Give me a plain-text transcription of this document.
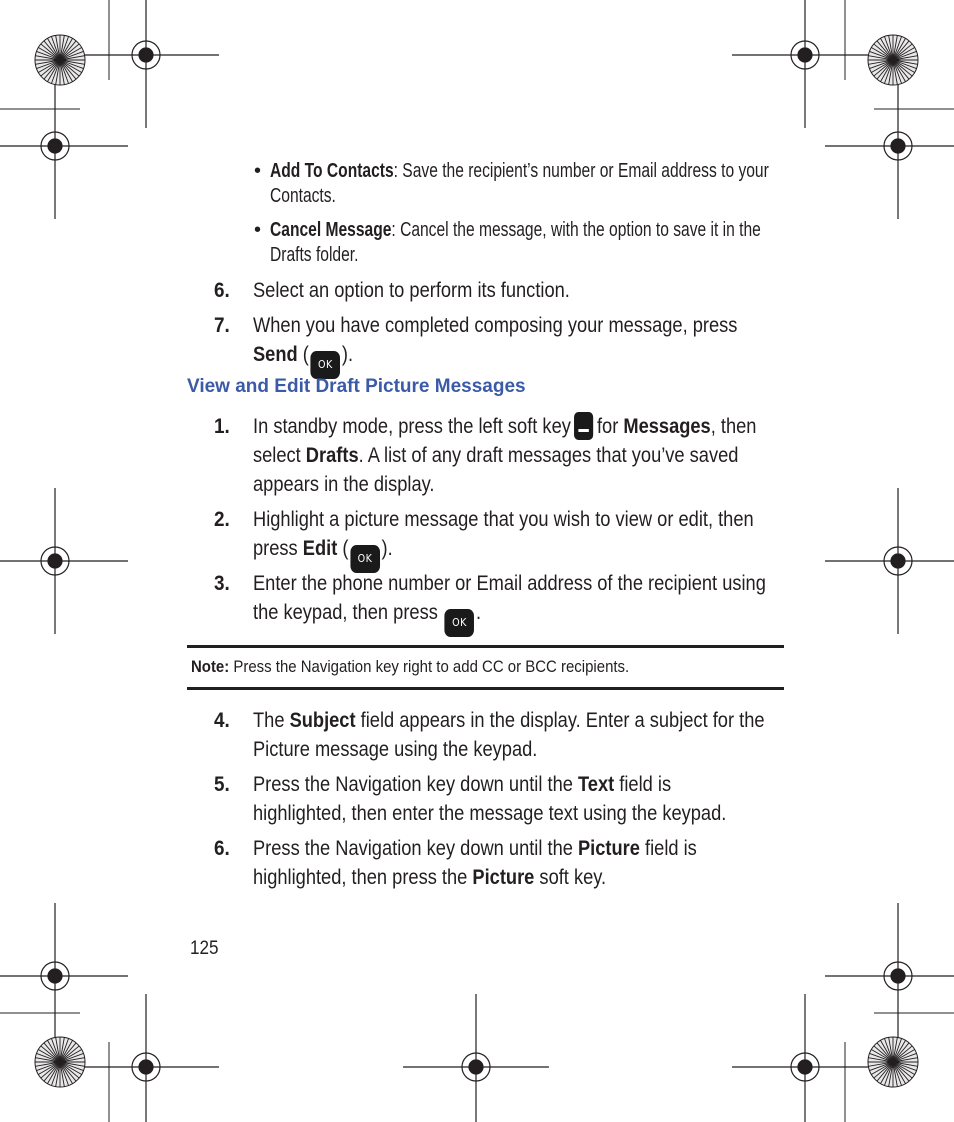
• Add To Contacts: Save the recipient’s number or Email address to your
Contacts.
• Cancel Message: Cancel the message, with the option to save it in the
Drafts folder.
6. Select an option to perform its function.
7. When you have completed composing your message, press
Send ( OK ).
View and Edit Draft Picture Messages
1. In standby mode, press the left soft key for Messages, then
select Drafts. A list of any draft messages that you’ve saved
appears in the display.
2. Highlight a picture message that you wish to view or edit, then
press Edit ( OK ).
3. Enter the phone number or Email address of the recipient using
the keypad, then press OK .
Note: Press the Navigation key right to add CC or BCC recipients.
4. The Subject field appears in the display. Enter a subject for the
Picture message using the keypad.
5. Press the Navigation key down until the Text field is
highlighted, then enter the message text using the keypad.
6. Press the Navigation key down until the Picture field is
highlighted, then press the Picture soft key.
125
